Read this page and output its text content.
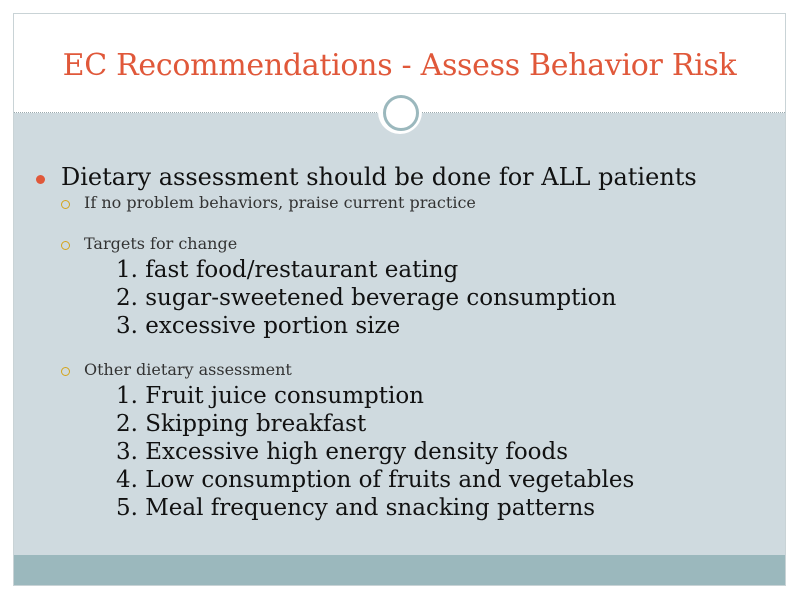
EC Recommendations - Assess Behavior Risk
Dietary assessment should be done for ALL patients
If no problem behaviors, praise current practice
Targets for change
1. fast food/restaurant eating
2. sugar-sweetened beverage consumption
3. excessive portion size
Other dietary assessment
1. Fruit juice consumption
2. Skipping breakfast
3. Excessive high energy density foods
4. Low consumption of fruits and vegetables
5. Meal frequency and snacking patterns
